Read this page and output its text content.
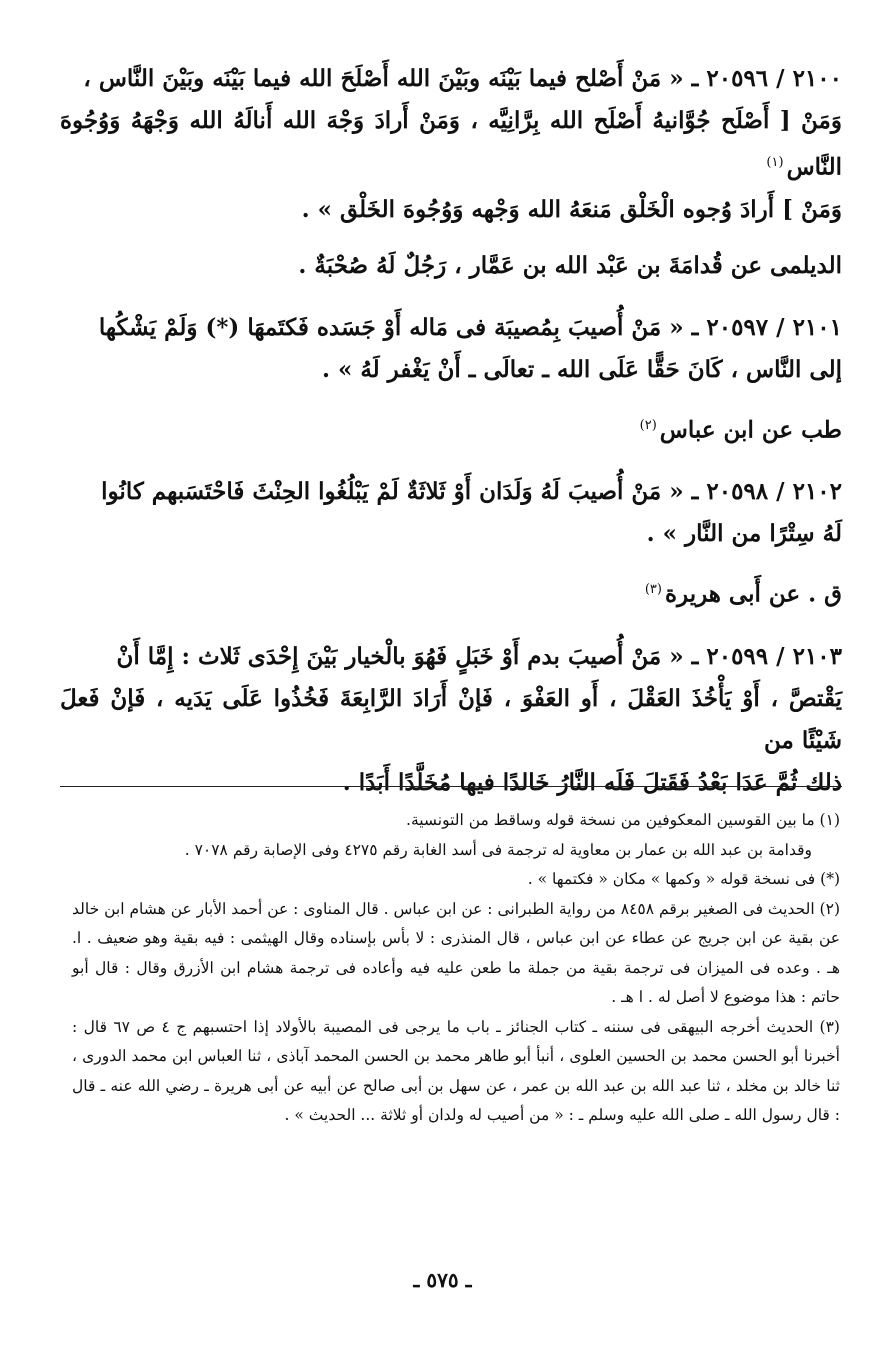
٢١٠٠ / ٢٠٥٩٦ ـ « مَنْ أَصْلح فيما بَيْنَه وبَيْنَ الله أَصْلَحَ الله فيما بَيْنَه وبَيْنَ النَّاس ،

وَمَنْ [ أَصْلَح جُوَّانيهُ أَصْلَح الله بِرَّانِيَّه ، وَمَنْ أَرادَ وَجْهَ الله أَنالَهُ الله وَجْهَهُ وَوُجُوهَ النَّاس$^{(١)}$

وَمَنْ ] أَرادَ وُجوه الْخَلْق مَنعَهُ الله وَجْهه وَوُجُوهَ الخَلْق » .

الديلمى عن قُدامَةَ بن عَبْد الله بن عَمَّار ، رَجُلٌ لَهُ صُحْبَةٌ .

٢١٠١ / ٢٠٥٩٧ ـ « مَنْ أُصيبَ بِمُصيبَة فى مَاله أَوْ جَسَده فَكتَمهَا (*) وَلَمْ يَشْكُها

إلى النَّاس ، كَانَ حَقًّا عَلَى الله ـ تعالَى ـ أَنْ يَغْفر لَهُ » .

طب عن ابن عباس$^{(٢)}$

٢١٠٢ / ٢٠٥٩٨ ـ « مَنْ أُصيبَ لَهُ وَلَدَان أَوْ ثَلاثَةٌ لَمْ يَبْلُغُوا الحِنْثَ فَاحْتَسَبهم كانُوا

لَهُ سِتْرًا من النَّار » .

ق . عن أَبى هريرة$^{(٣)}$

٢١٠٣ / ٢٠٥٩٩ ـ « مَنْ أُصيبَ بدم أَوْ خَبَلٍ فَهُوَ بالْخيار بَيْنَ إِحْدَى ثَلاث : إِمَّا أَنْ

يَقْتصَّ ، أَوْ يَأْخُذَ العَقْلَ ، أَو العَفْوَ ، فَإنْ أَرَادَ الرَّابِعَةَ فَخُذُوا عَلَى يَدَيه ، فَإنْ فَعلَ شَيْئًا من

ذلك ثُمَّ عَدَا بَعْدُ فَقَتلَ فَلَه النَّارُ خَالدًا فيها مُخَلَّدًا أَبَدًا .

(١) ما بين القوسين المعكوفين من نسخة قوله وساقط من التونسية.

وقدامة بن عبد الله بن عمار بن معاوية له ترجمة فى أسد الغابة رقم ٤٢٧٥ وفى الإصابة رقم ٧٠٧٨ .

(*) فى نسخة قوله « وكمها » مكان « فكتمها » .

(٢) الحديث فى الصغير برقم ٨٤٥٨ من رواية الطبرانى : عن ابن عباس . قال المناوى : عن أحمد الأبار عن هشام ابن خالد عن بقية عن ابن جريج عن عطاء عن ابن عباس ، قال المنذرى : لا بأس بإسناده وقال الهيثمى : فيه بقية وهو ضعيف . ا. هـ . وعده فى الميزان فى ترجمة بقية من جملة ما طعن عليه فيه وأعاده فى ترجمة هشام ابن الأزرق وقال : قال أبو حاتم : هذا موضوع لا أصل له . ا هـ .

(٣) الحديث أخرجه البيهقى فى سننه ـ كتاب الجنائز ـ باب ما يرجى فى المصيبة بالأولاد إذا احتسبهم ج ٤ ص ٦٧ قال : أخبرنا أبو الحسن محمد بن الحسين العلوى ، أنبأ أبو طاهر محمد بن الحسن المحمد آباذى ، ثنا العباس ابن محمد الدورى ، ثنا خالد بن مخلد ، ثنا عبد الله بن عبد الله بن عمر ، عن سهل بن أبى صالح عن أبيه عن أبى هريرة ـ رضي الله عنه ـ قال : قال رسول الله ـ صلى الله عليه وسلم ـ : « من أصيب له ولدان أو ثلاثة ... الحديث » .

ـ ٥٧٥ ـ
